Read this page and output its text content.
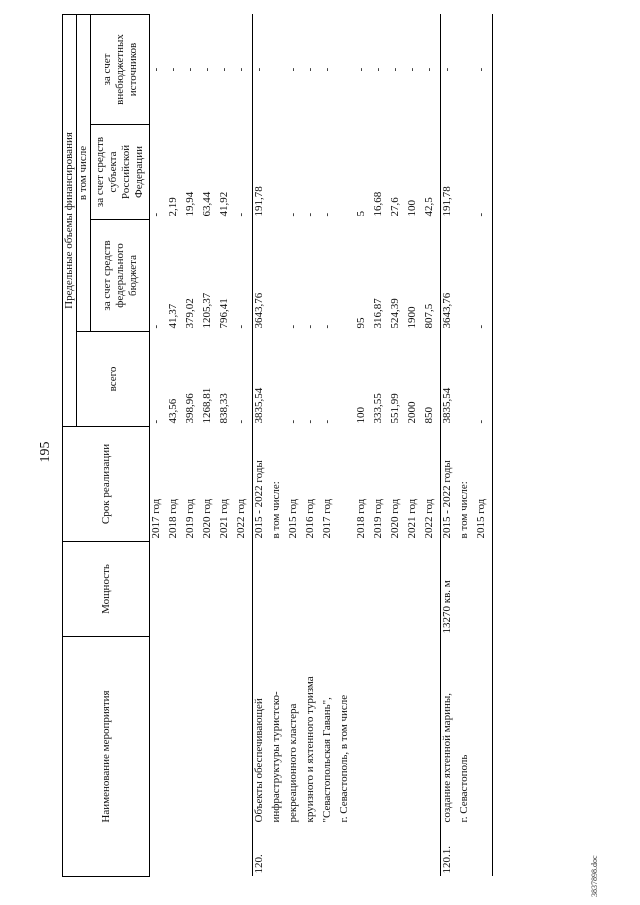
195
Наименование мероприятия		Мощность	Срок реализации	Предельные объемы финансирования			
				всего	в том числе		
					за счет средств федерального бюджета	за счет средств субъекта Российской Федерации	за счет внебюджетных источников
			2017 год	-	-	-	-
			2018 год	43,56	41,37	2,19	-
			2019 год	398,96	379,02	19,94	-
			2020 год	1268,81	1205,37	63,44	-
			2021 год	838,33	796,41	41,92	-
			2022 год	-	-	-	-
120.	Объекты обеспечивающей		2015 - 2022 годы	3835,54	3643,76	191,78	-
	инфраструктуры туристско-		в том числе:				
	рекреационного кластера		2015 год	-	-	-	-
	круизного и яхтенного туризма		2016 год	-	-	-	-
	"Севастопольская Гавань",		2017 год	-	-	-	-
	г. Севастополь, в том числе						
			2018 год	100	95	5	-
			2019 год	333,55	316,87	16,68	-
			2020 год	551,99	524,39	27,6	-
			2021 год	2000	1900	100	-
			2022 год	850	807,5	42,5	-
120.1.	создание яхтенной марины,	13270 кв. м	2015 - 2022 годы	3835,54	3643,76	191,78	-
	г. Севастополь		в том числе:				
			2015 год	-	-	-	-
3837898.doc
